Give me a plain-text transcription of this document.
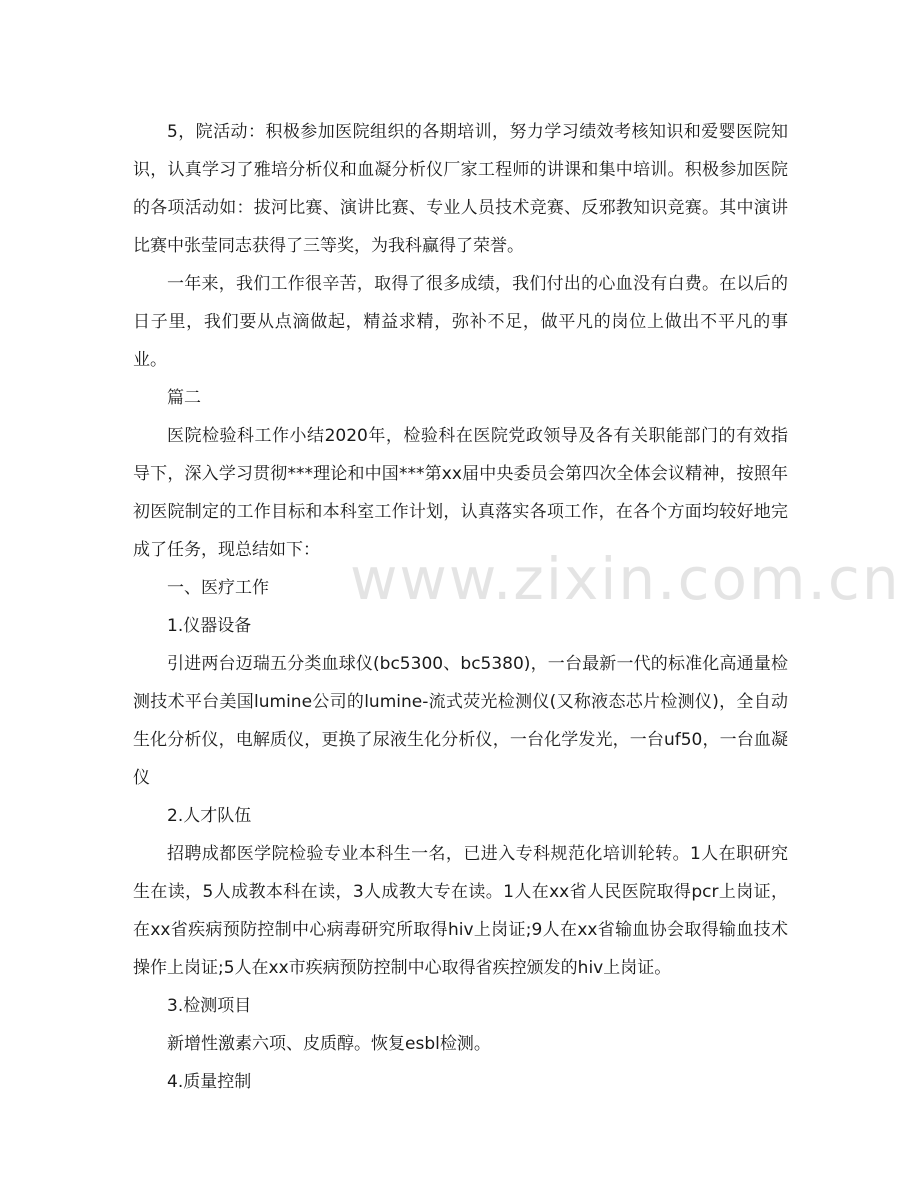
5，院活动：积极参加医院组织的各期培训，努力学习绩效考核知识和爱婴医院知识，认真学习了雅培分析仪和血凝分析仪厂家工程师的讲课和集中培训。积极参加医院的各项活动如：拔河比赛、演讲比赛、专业人员技术竞赛、反邪教知识竞赛。其中演讲比赛中张莹同志获得了三等奖，为我科赢得了荣誉。

一年来，我们工作很辛苦，取得了很多成绩，我们付出的心血没有白费。在以后的日子里，我们要从点滴做起，精益求精，弥补不足，做平凡的岗位上做出不平凡的事业。

篇二

医院检验科工作小结2020年，检验科在医院党政领导及各有关职能部门的有效指导下，深入学习贯彻***理论和中国***第xx届中央委员会第四次全体会议精神，按照年初医院制定的工作目标和本科室工作计划，认真落实各项工作，在各个方面均较好地完成了任务，现总结如下：

一、医疗工作

1.仪器设备

引进两台迈瑞五分类血球仪(bc5300、bc5380)，一台最新一代的标准化高通量检测技术平台美国lumine公司的lumine-流式荧光检测仪(又称液态芯片检测仪)，全自动生化分析仪，电解质仪，更换了尿液生化分析仪，一台化学发光，一台uf50，一台血凝仪

2.人才队伍

招聘成都医学院检验专业本科生一名，已进入专科规范化培训轮转。1人在职研究生在读，5人成教本科在读，3人成教大专在读。1人在xx省人民医院取得pcr上岗证，在xx省疾病预防控制中心病毒研究所取得hiv上岗证;9人在xx省输血协会取得输血技术操作上岗证;5人在xx市疾病预防控制中心取得省疾控颁发的hiv上岗证。

3.检测项目

新增性激素六项、皮质醇。恢复esbl检测。

4.质量控制

www.zixin.com.cn
